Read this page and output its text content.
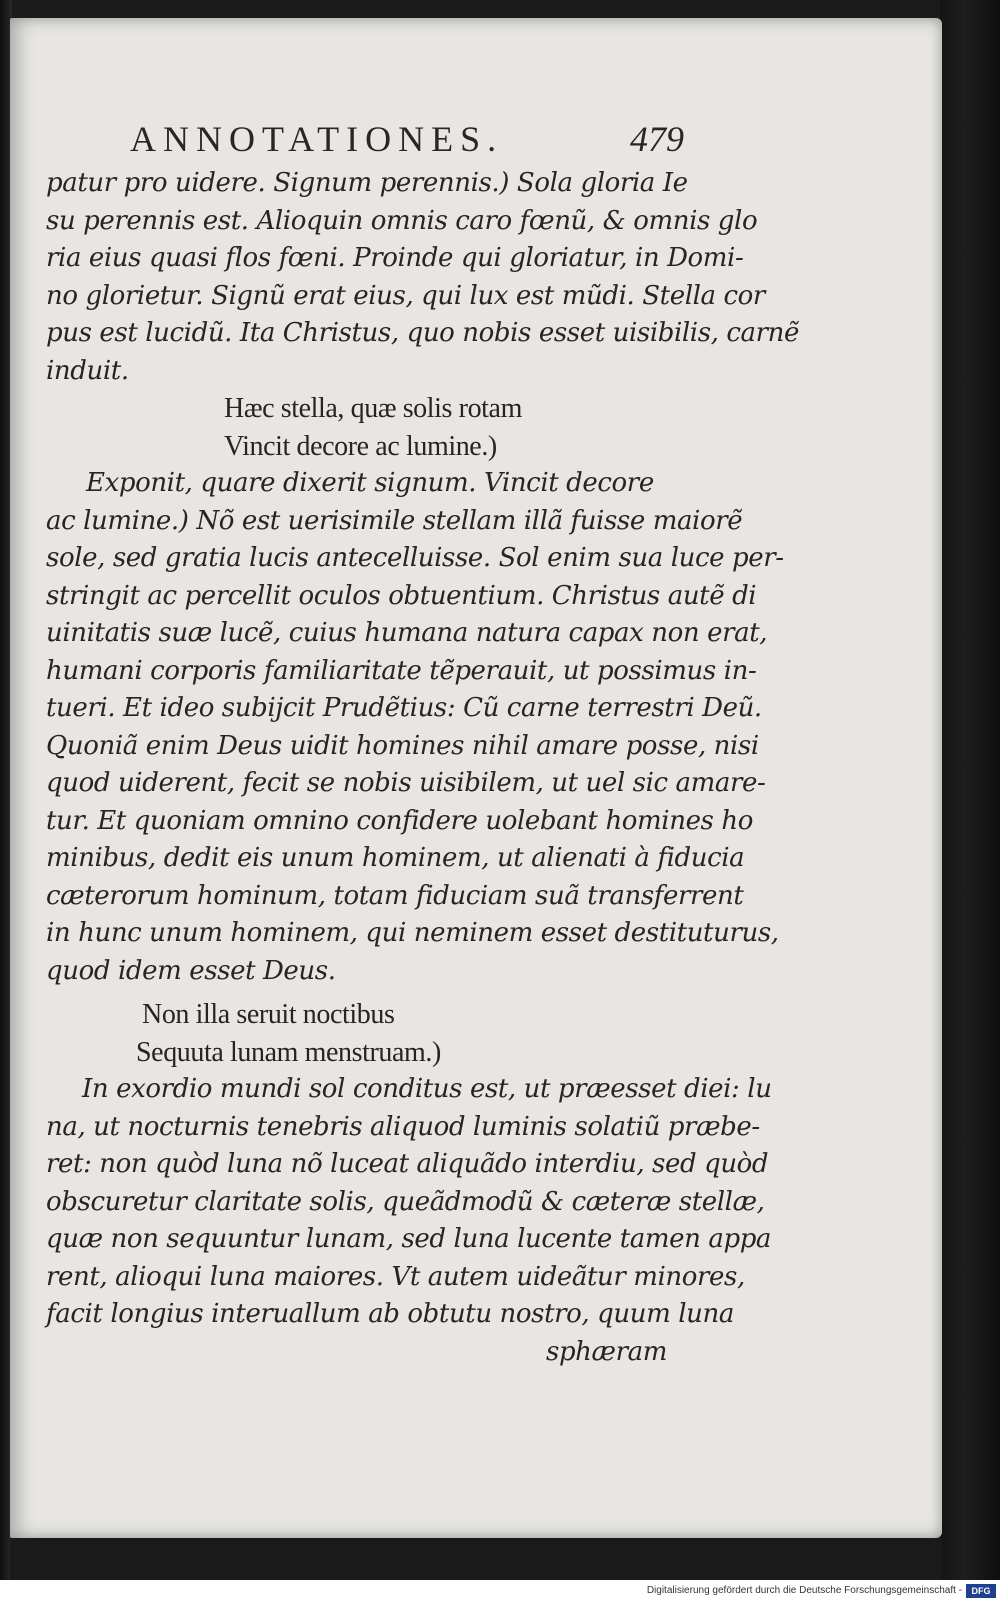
ANNOTATIONES.	479
patur pro uidere. Signum perennis.) Sola gloria Ie
su perennis est. Alioquin omnis caro fœnũ, & omnis glo
ria eius quasi flos fœni. Proinde qui gloriatur, in Domi-
no glorietur. Signũ erat eius, qui lux est mũdi. Stella cor
pus est lucidũ. Ita Christus, quo nobis esset uisibilis, carnẽ
induit.
Hæc stella, quæ solis rotam
Vincit decore ac lumine.)
Exponit, quare dixerit signum. Vincit decore
ac lumine.) Nõ est uerisimile stellam illã fuisse maiorẽ
sole, sed gratia lucis antecelluisse. Sol enim sua luce per-
stringit ac percellit oculos obtuentium. Christus autẽ di
uinitatis suæ lucẽ, cuius humana natura capax non erat,
humani corporis familiaritate tẽperauit, ut possimus in-
tueri. Et ideo subijcit Prudẽtius: Cũ carne terrestri Deũ.
Quoniã enim Deus uidit homines nihil amare posse, nisi
quod uiderent, fecit se nobis uisibilem, ut uel sic amare-
tur. Et quoniam omnino confidere uolebant homines ho
minibus, dedit eis unum hominem, ut alienati à fiducia
cæterorum hominum, totam fiduciam suã transferrent
in hunc unum hominem, qui neminem esset destituturus,
quod idem esset Deus.
Non illa seruit noctibus
Sequuta lunam menstruam.)
In exordio mundi sol conditus est, ut præesset diei: lu
na, ut nocturnis tenebris aliquod luminis solatiũ præbe-
ret: non quòd luna nõ luceat aliquãdo interdiu, sed quòd
obscuretur claritate solis, queãdmodũ & cæteræ stellæ,
quæ non sequuntur lunam, sed luna lucente tamen appa
rent, alioqui luna maiores. Vt autem uideãtur minores,
facit longius interuallum ab obtutu nostro, quum luna
sphæram
Digitalisierung gefördert durch die Deutsche Forschungsgemeinschaft -	DFG
